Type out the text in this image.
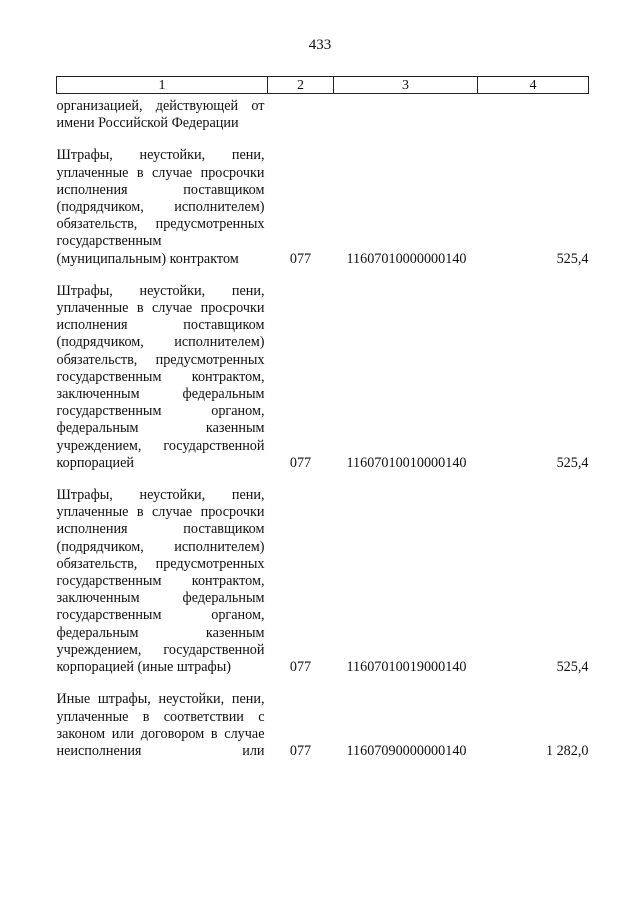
433
1	2	3	4
организацией, действующей от имени Российской Федерации			
Штрафы, неустойки, пени, уплаченные в случае просрочки исполнения поставщиком (подрядчиком, исполнителем) обязательств, предусмотренных государственным (муниципальным) контрактом	077	11607010000000140	525,4
Штрафы, неустойки, пени, уплаченные в случае просрочки исполнения поставщиком (подрядчиком, исполнителем) обязательств, предусмотренных государственным контрактом, заключенным федеральным государственным органом, федеральным казенным учреждением, государственной корпорацией	077	11607010010000140	525,4
Штрафы, неустойки, пени, уплаченные в случае просрочки исполнения поставщиком (подрядчиком, исполнителем) обязательств, предусмотренных государственным контрактом, заключенным федеральным государственным органом, федеральным казенным учреждением, государственной корпорацией (иные штрафы)	077	11607010019000140	525,4
Иные штрафы, неустойки, пени, уплаченные в соответствии с законом или договором в случае неисполнения или	077	11607090000000140	1 282,0
